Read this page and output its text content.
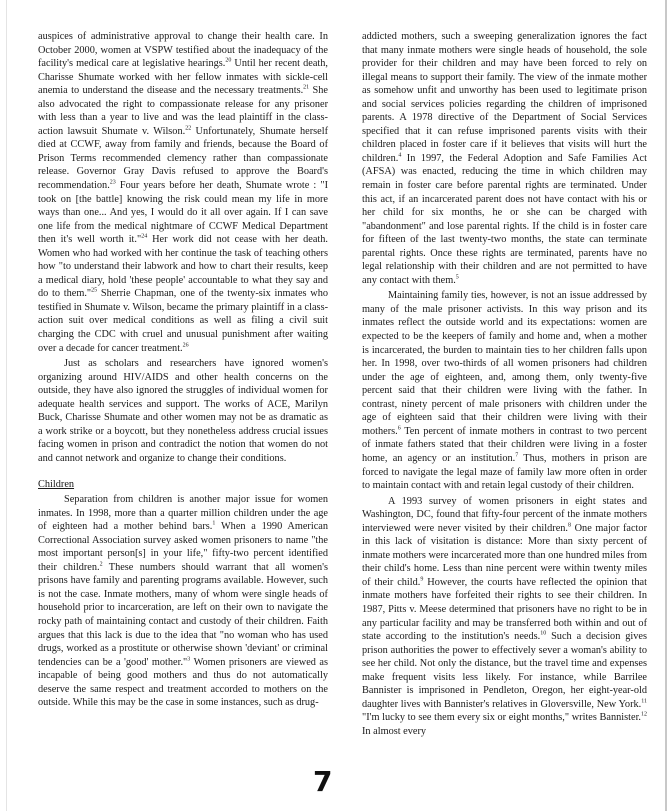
auspices of administrative approval to change their health care. In October 2000, women at VSPW testified about the inadequacy of the facility's medical care at legislative hearings.$^{20}$ Until her recent death, Charisse Shumate worked with her fellow inmates with sickle-cell anemia to understand the disease and the necessary treatments.$^{21}$ She also advocated the right to compassionate release for any prisoner with less than a year to live and was the lead plaintiff in the class-action lawsuit Shumate v. Wilson.$^{22}$ Unfortunately, Shumate herself died at CCWF, away from family and friends, because the Board of Prison Terms recommended clemency rather than compassionate release. Governor Gray Davis refused to approve the Board's recommendation.$^{23}$ Four years before her death, Shumate wrote : "I took on [the battle] knowing the risk could mean my life in more ways than one... And yes, I would do it all over again. If I can save one life from the medical nightmare of CCWF Medical Department then it's well worth it."$^{24}$ Her work did not cease with her death. Women who had worked with her continue the task of teaching others how "to understand their labwork and how to chart their results, keep a medical diary, hold 'these people' accountable to what they say and do to them."$^{25}$ Sherrie Chapman, one of the twenty-six inmates who testified in Shumate v. Wilson, became the primary plaintiff in a class-action suit over medical conditions as well as filing a civil suit charging the CDC with cruel and unusual punishment after waiting over a decade for cancer treatment.$^{26}$

Just as scholars and researchers have ignored women's organizing around HIV/AIDS and other health concerns on the outside, they have also ignored the struggles of individual women for adequate health services and support. The works of ACE, Marilyn Buck, Charisse Shumate and other women may not be as dramatic as a work strike or a boycott, but they nonetheless address crucial issues facing women in prison and contradict the notion that women do not and cannot network and organize to change their conditions.

Children

Separation from children is another major issue for women inmates. In 1998, more than a quarter million children under the age of eighteen had a mother behind bars.$^1$ When a 1990 American Correctional Association survey asked women prisoners to name "the most important person[s] in your life," fifty-two percent identified their children.$^2$ These numbers should warrant that all women's prisons have family and parenting programs available. However, such is not the case. Inmate mothers, many of whom were single heads of household prior to incarceration, are left on their own to navigate the rocky path of maintaining contact and custody of their children. Faith argues that this lack is due to the idea that "no woman who has used drugs, worked as a prostitute or otherwise shown 'deviant' or criminal tendencies can be a 'good' mother."$^3$ Women prisoners are viewed as incapable of being good mothers and thus do not automatically deserve the same respect and treatment accorded to mothers on the outside. While this may be the case in some instances, such as drug-

addicted mothers, such a sweeping generalization ignores the fact that many inmate mothers were single heads of household, the sole provider for their children and may have been forced to rely on illegal means to support their family. The view of the inmate mother as somehow unfit and unworthy has been used to legitimate prison and social services policies regarding the children of imprisoned parents. A 1978 directive of the Department of Social Services specified that it can refuse imprisoned parents visits with their children placed in foster care if it believes that visits will hurt the children.$^4$ In 1997, the Federal Adoption and Safe Families Act (AFSA) was enacted, reducing the time in which children may remain in foster care before parental rights are terminated. Under this act, if an incarcerated parent does not have contact with his or her child for six months, he or she can be charged with "abandonment" and lose parental rights. If the child is in foster care for fifteen of the last twenty-two months, the state can terminate parental rights. Once these rights are terminated, parents have no legal relationship with their children and are not permitted to have any contact with them.$^5$

Maintaining family ties, however, is not an issue addressed by many of the male prisoner activists. In this way prison and its inmates reflect the outside world and its expectations: women are expected to be the keepers of family and home and, when a mother is incarcerated, the burden to maintain ties to her children falls upon her. In 1998, over two-thirds of all women prisoners had children under the age of eighteen, and, among them, only twenty-five percent said that their children were living with the father. In contrast, ninety percent of male prisoners with children under the age of eighteen said that their children were living with their mothers.$^6$ Ten percent of inmate mothers in contrast to two percent of inmate fathers stated that their children were living in a foster home, an agency or an institution.$^7$ Thus, mothers in prison are forced to navigate the legal maze of family law more often in order to maintain contact with and retain legal custody of their children.

A 1993 survey of women prisoners in eight states and Washington, DC, found that fifty-four percent of the inmate mothers interviewed were never visited by their children.$^8$ One major factor in this lack of visitation is distance: More than sixty percent of inmate mothers were incarcerated more than one hundred miles from their child's home. Less than nine percent were within twenty miles of their child.$^9$ However, the courts have reflected the opinion that inmate mothers have forfeited their rights to see their children. In 1987, Pitts v. Meese determined that prisoners have no right to be in any particular facility and may be transferred both within and out of state according to the institution's needs.$^{10}$ Such a decision gives prison authorities the power to effectively sever a woman's ability to see her child. Not only the distance, but the travel time and expenses make frequent visits less likely. For instance, while Barrilee Bannister is imprisoned in Pendleton, Oregon, her eight-year-old daughter lives with Bannister's relatives in Gloversville, New York.$^{11}$ "I'm lucky to see them every six or eight months," writes Bannister.$^{12}$ In almost every

7
